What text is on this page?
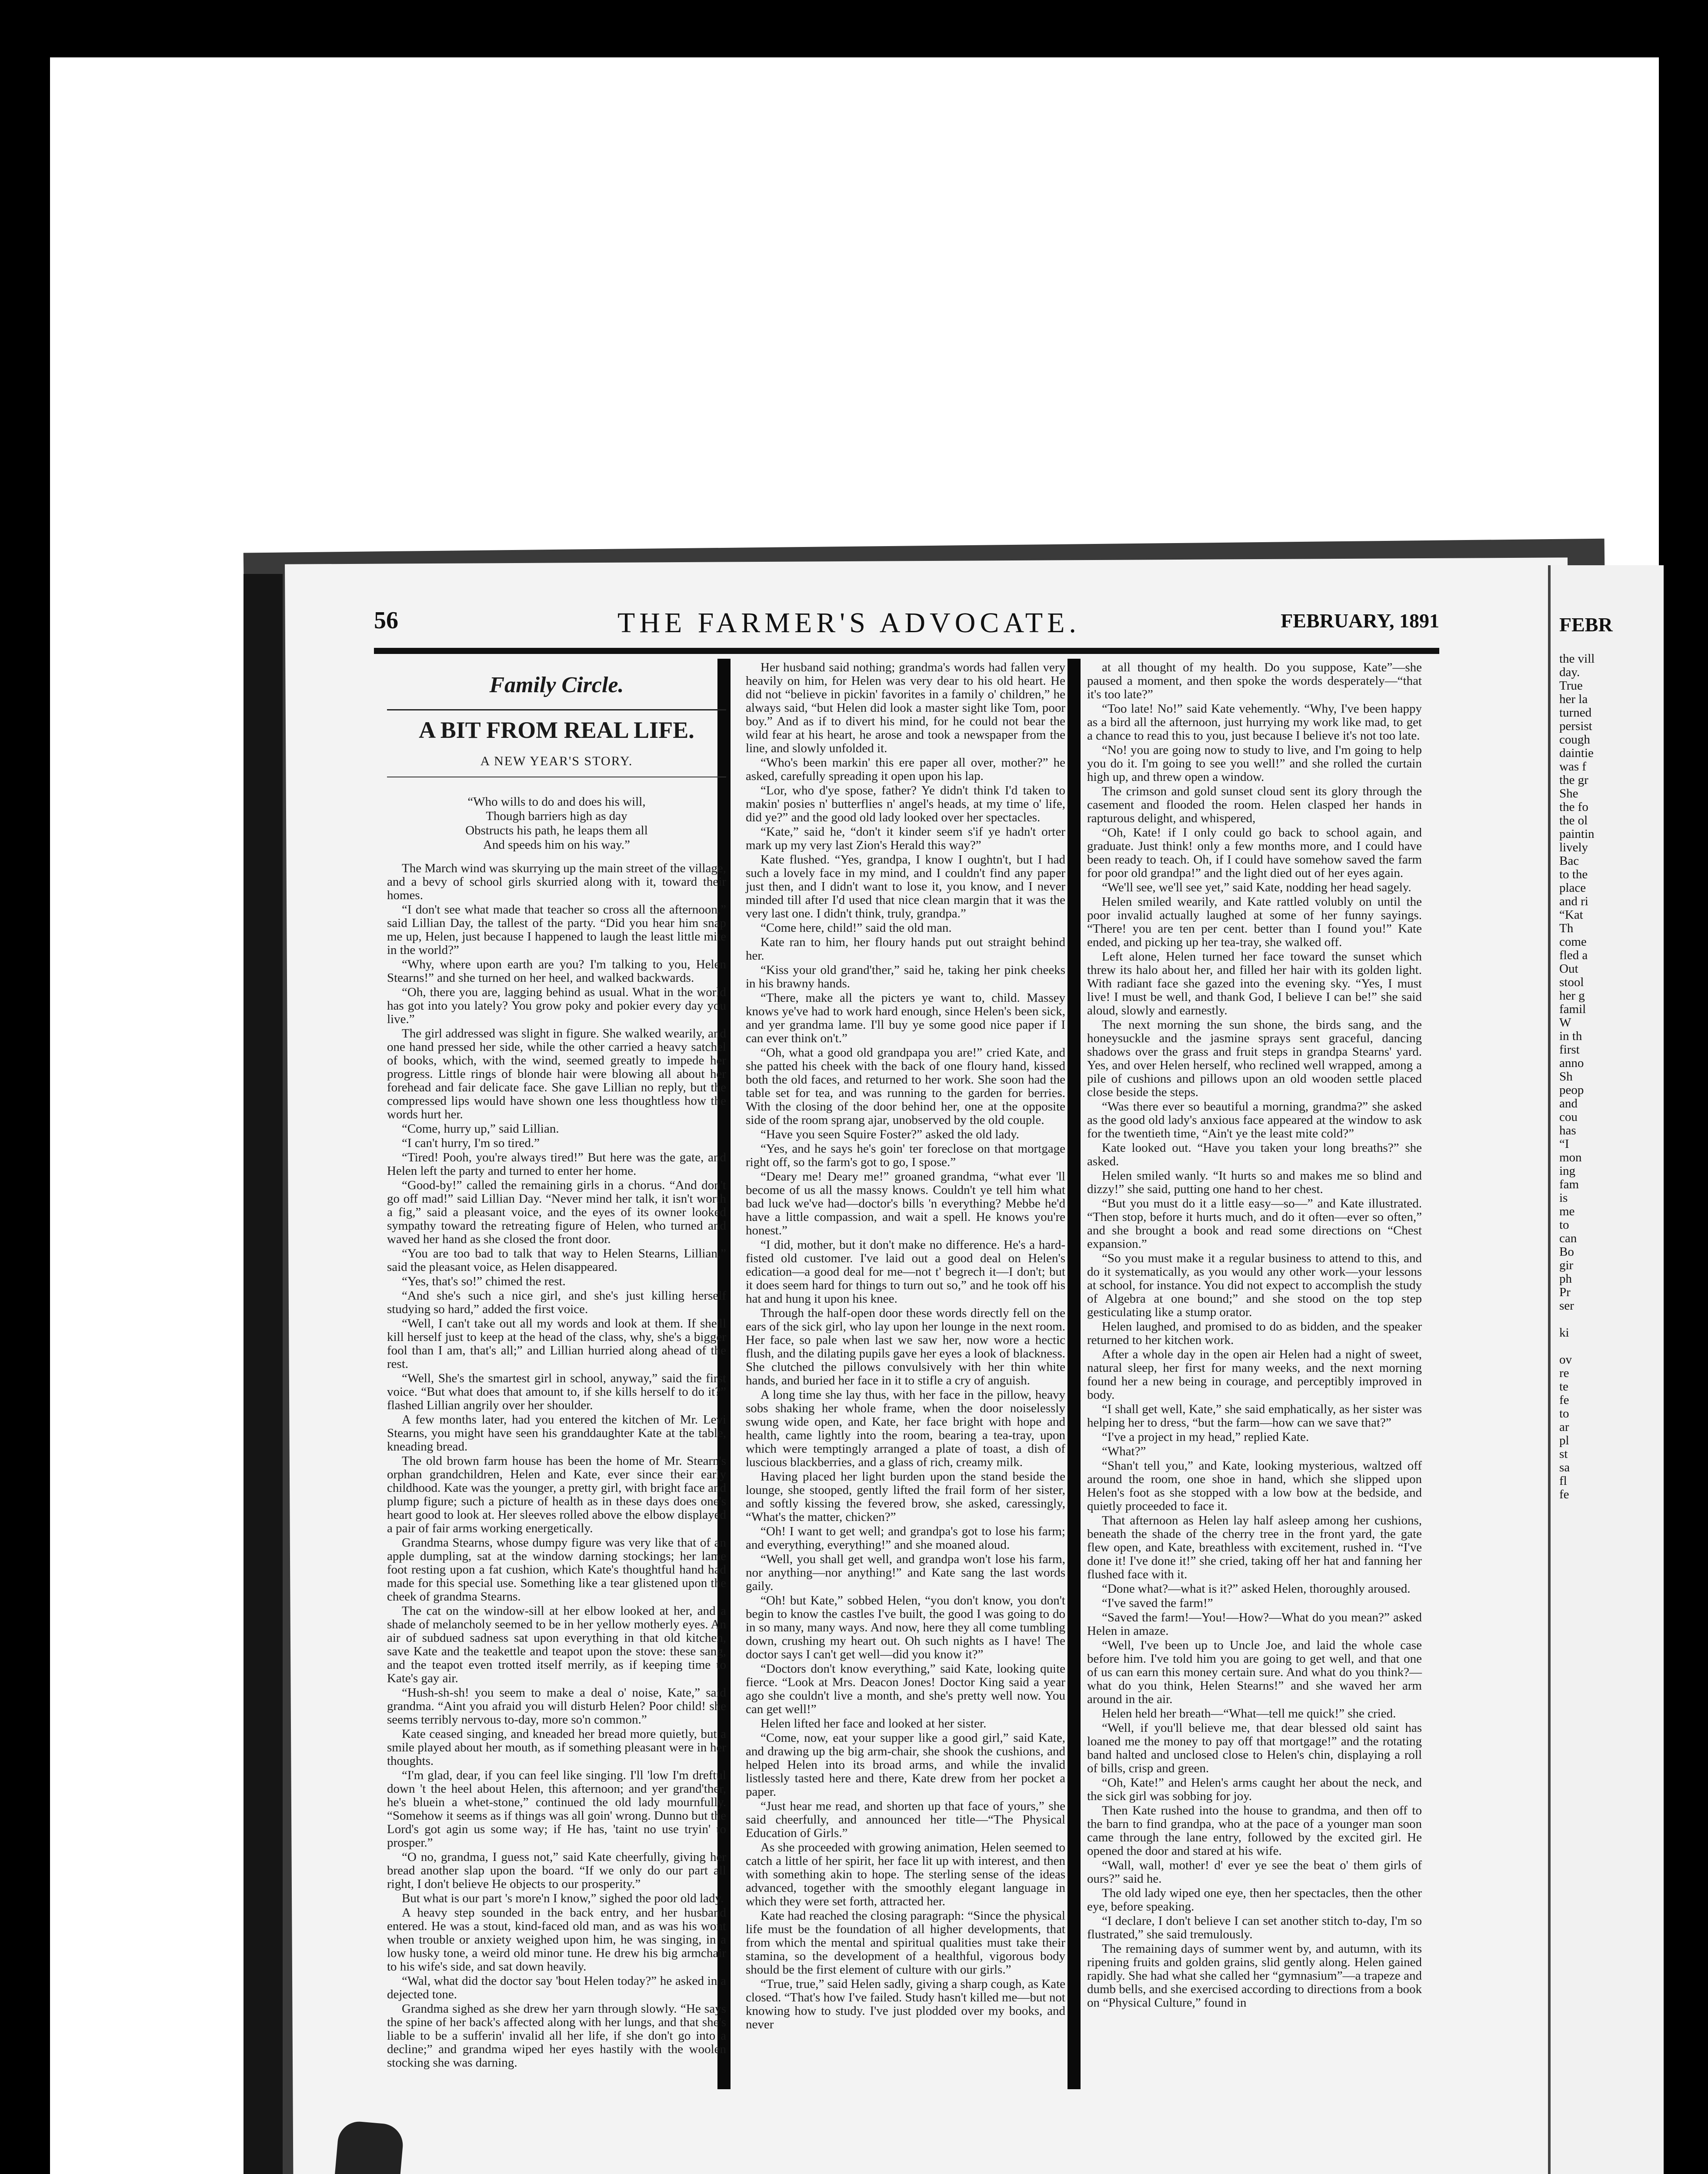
FEBR
the vill
day.
True
her la
turned
persist
cough
daintie
was f
the gr
She
the fo
the ol
paintin
lively
Bac
to the
place
and ri
“Kat
Th
come
fled a
Out
stool
her g
famil
W
in th
first
anno
Sh
peop
and
cou
has
“I
mon
ing
fam
is
me
to
can
Bo
gir
ph
Pr
ser

ki

ov
re
te
fe
to
ar
pl
st
sa
fl
fe
56	THE FARMER'S ADVOCATE.	FEBRUARY, 1891
Family Circle.
A BIT FROM REAL LIFE.
A NEW YEAR'S STORY.
“Who wills to do and does his will,
Though barriers high as day
Obstructs his path, he leaps them all
And speeds him on his way.”

The March wind was skurrying up the main street of the village, and a bevy of school girls skurried along with it, toward their homes.

“I don't see what made that teacher so cross all the afternoon,” said Lillian Day, the tallest of the party. “Did you hear him snap me up, Helen, just because I happened to laugh the least little mite in the world?”

“Why, where upon earth are you? I'm talking to you, Helen Stearns!” and she turned on her heel, and walked backwards.

“Oh, there you are, lagging behind as usual. What in the world has got into you lately? You grow poky and pokier every day you live.”

The girl addressed was slight in figure. She walked wearily, and one hand pressed her side, while the other carried a heavy satchel of books, which, with the wind, seemed greatly to impede her progress. Little rings of blonde hair were blowing all about her forehead and fair delicate face. She gave Lillian no reply, but the compressed lips would have shown one less thoughtless how the words hurt her.

“Come, hurry up,” said Lillian.

“I can't hurry, I'm so tired.”

“Tired! Pooh, you're always tired!” But here was the gate, and Helen left the party and turned to enter her home.

“Good-by!” called the remaining girls in a chorus. “And don't go off mad!” said Lillian Day. “Never mind her talk, it isn't worth a fig,” said a pleasant voice, and the eyes of its owner looked sympathy toward the retreating figure of Helen, who turned and waved her hand as she closed the front door.

“You are too bad to talk that way to Helen Stearns, Lillian,” said the pleasant voice, as Helen disappeared.

“Yes, that's so!” chimed the rest.

“And she's such a nice girl, and she's just killing herself studying so hard,” added the first voice.

“Well, I can't take out all my words and look at them. If she'll kill herself just to keep at the head of the class, why, she's a bigger fool than I am, that's all;” and Lillian hurried along ahead of the rest.

“Well, She's the smartest girl in school, anyway,” said the first voice. “But what does that amount to, if she kills herself to do it?” flashed Lillian angrily over her shoulder.

A few months later, had you entered the kitchen of Mr. Levi Stearns, you might have seen his granddaughter Kate at the table, kneading bread.

The old brown farm house has been the home of Mr. Stearn's orphan grandchildren, Helen and Kate, ever since their early childhood. Kate was the younger, a pretty girl, with bright face and plump figure; such a picture of health as in these days does one's heart good to look at. Her sleeves rolled above the elbow displayed a pair of fair arms working energetically.

Grandma Stearns, whose dumpy figure was very like that of an apple dumpling, sat at the window darning stockings; her lame foot resting upon a fat cushion, which Kate's thoughtful hand had made for this special use. Something like a tear glistened upon the cheek of grandma Stearns.

The cat on the window-sill at her elbow looked at her, and a shade of melancholy seemed to be in her yellow motherly eyes. An air of subdued sadness sat upon everything in that old kitchen, save Kate and the teakettle and teapot upon the stove: these sang, and the teapot even trotted itself merrily, as if keeping time to Kate's gay air.

“Hush-sh-sh! you seem to make a deal o' noise, Kate,” said grandma. “Aint you afraid you will disturb Helen? Poor child! she seems terribly nervous to-day, more so'n common.”

Kate ceased singing, and kneaded her bread more quietly, but a smile played about her mouth, as if something pleasant were in her thoughts.

“I'm glad, dear, if you can feel like singing. I'll 'low I'm dreftul down 't the heel about Helen, this afternoon; and yer grand'ther, he's bluein a whet-stone,” continued the old lady mournfully. “Somehow it seems as if things was all goin' wrong. Dunno but the Lord's got agin us some way; if He has, 'taint no use tryin' to prosper.”

“O no, grandma, I guess not,” said Kate cheerfully, giving her bread another slap upon the board. “If we only do our part all right, I don't believe He objects to our prosperity.”

But what is our part 's more'n I know,” sighed the poor old lady.

A heavy step sounded in the back entry, and her husband entered. He was a stout, kind-faced old man, and as was his wont when trouble or anxiety weighed upon him, he was singing, in a low husky tone, a weird old minor tune. He drew his big armchair to his wife's side, and sat down heavily.

“Wal, what did the doctor say 'bout Helen today?” he asked in a dejected tone.

Grandma sighed as she drew her yarn through slowly. “He says the spine of her back's affected along with her lungs, and that she's liable to be a sufferin' invalid all her life, if she don't go into a decline;” and grandma wiped her eyes hastily with the woolen stocking she was darning.

Her husband said nothing; grandma's words had fallen very heavily on him, for Helen was very dear to his old heart. He did not “believe in pickin' favorites in a family o' children,” he always said, “but Helen did look a master sight like Tom, poor boy.” And as if to divert his mind, for he could not bear the wild fear at his heart, he arose and took a newspaper from the line, and slowly unfolded it.

“Who's been markin' this ere paper all over, mother?” he asked, carefully spreading it open upon his lap.

“Lor, who d'ye spose, father? Ye didn't think I'd taken to makin' posies n' butterflies n' angel's heads, at my time o' life, did ye?” and the good old lady looked over her spectacles.

“Kate,” said he, “don't it kinder seem s'if ye hadn't orter mark up my very last Zion's Herald this way?”

Kate flushed. “Yes, grandpa, I know I oughtn't, but I had such a lovely face in my mind, and I couldn't find any paper just then, and I didn't want to lose it, you know, and I never minded till after I'd used that nice clean margin that it was the very last one. I didn't think, truly, grandpa.”

“Come here, child!” said the old man.

Kate ran to him, her floury hands put out straight behind her.

“Kiss your old grand'ther,” said he, taking her pink cheeks in his brawny hands.

“There, make all the picters ye want to, child. Massey knows ye've had to work hard enough, since Helen's been sick, and yer grandma lame. I'll buy ye some good nice paper if I can ever think on't.”

“Oh, what a good old grandpapa you are!” cried Kate, and she patted his cheek with the back of one floury hand, kissed both the old faces, and returned to her work. She soon had the table set for tea, and was running to the garden for berries. With the closing of the door behind her, one at the opposite side of the room sprang ajar, unobserved by the old couple.

“Have you seen Squire Foster?” asked the old lady.

“Yes, and he says he's goin' ter foreclose on that mortgage right off, so the farm's got to go, I spose.”

“Deary me! Deary me!” groaned grandma, “what ever 'll become of us all the massy knows. Couldn't ye tell him what bad luck we've had—doctor's bills 'n everything? Mebbe he'd have a little compassion, and wait a spell. He knows you're honest.”

“I did, mother, but it don't make no difference. He's a hard-fisted old customer. I've laid out a good deal on Helen's edication—a good deal for me—not t' begrech it—I don't; but it does seem hard for things to turn out so,” and he took off his hat and hung it upon his knee.

Through the half-open door these words directly fell on the ears of the sick girl, who lay upon her lounge in the next room. Her face, so pale when last we saw her, now wore a hectic flush, and the dilating pupils gave her eyes a look of blackness. She clutched the pillows convulsively with her thin white hands, and buried her face in it to stifle a cry of anguish.

A long time she lay thus, with her face in the pillow, heavy sobs shaking her whole frame, when the door noiselessly swung wide open, and Kate, her face bright with hope and health, came lightly into the room, bearing a tea-tray, upon which were temptingly arranged a plate of toast, a dish of luscious blackberries, and a glass of rich, creamy milk.

Having placed her light burden upon the stand beside the lounge, she stooped, gently lifted the frail form of her sister, and softly kissing the fevered brow, she asked, caressingly, “What's the matter, chicken?”

“Oh! I want to get well; and grandpa's got to lose his farm; and everything, everything!” and she moaned aloud.

“Well, you shall get well, and grandpa won't lose his farm, nor anything—nor anything!” and Kate sang the last words gaily.

“Oh! but Kate,” sobbed Helen, “you don't know, you don't begin to know the castles I've built, the good I was going to do in so many, many ways. And now, here they all come tumbling down, crushing my heart out. Oh such nights as I have! The doctor says I can't get well—did you know it?”

“Doctors don't know everything,” said Kate, looking quite fierce. “Look at Mrs. Deacon Jones! Doctor King said a year ago she couldn't live a month, and she's pretty well now. You can get well!”

Helen lifted her face and looked at her sister.

“Come, now, eat your supper like a good girl,” said Kate, and drawing up the big arm-chair, she shook the cushions, and helped Helen into its broad arms, and while the invalid listlessly tasted here and there, Kate drew from her pocket a paper.

“Just hear me read, and shorten up that face of yours,” she said cheerfully, and announced her title—“The Physical Education of Girls.”

As she proceeded with growing animation, Helen seemed to catch a little of her spirit, her face lit up with interest, and then with something akin to hope. The sterling sense of the ideas advanced, together with the smoothly elegant language in which they were set forth, attracted her.

Kate had reached the closing paragraph: “Since the physical life must be the foundation of all higher developments, that from which the mental and spiritual qualities must take their stamina, so the development of a healthful, vigorous body should be the first element of culture with our girls.”

“True, true,” said Helen sadly, giving a sharp cough, as Kate closed. “That's how I've failed. Study hasn't killed me—but not knowing how to study. I've just plodded over my books, and never

at all thought of my health. Do you suppose, Kate”—she paused a moment, and then spoke the words desperately—“that it's too late?”

“Too late! No!” said Kate vehemently. “Why, I've been happy as a bird all the afternoon, just hurrying my work like mad, to get a chance to read this to you, just because I believe it's not too late.

“No! you are going now to study to live, and I'm going to help you do it. I'm going to see you well!” and she rolled the curtain high up, and threw open a window.

The crimson and gold sunset cloud sent its glory through the casement and flooded the room. Helen clasped her hands in rapturous delight, and whispered,

“Oh, Kate! if I only could go back to school again, and graduate. Just think! only a few months more, and I could have been ready to teach. Oh, if I could have somehow saved the farm for poor old grandpa!” and the light died out of her eyes again.

“We'll see, we'll see yet,” said Kate, nodding her head sagely.

Helen smiled wearily, and Kate rattled volubly on until the poor invalid actually laughed at some of her funny sayings. “There! you are ten per cent. better than I found you!” Kate ended, and picking up her tea-tray, she walked off.

Left alone, Helen turned her face toward the sunset which threw its halo about her, and filled her hair with its golden light. With radiant face she gazed into the evening sky. “Yes, I must live! I must be well, and thank God, I believe I can be!” she said aloud, slowly and earnestly.

The next morning the sun shone, the birds sang, and the honeysuckle and the jasmine sprays sent graceful, dancing shadows over the grass and fruit steps in grandpa Stearns' yard. Yes, and over Helen herself, who reclined well wrapped, among a pile of cushions and pillows upon an old wooden settle placed close beside the steps.

“Was there ever so beautiful a morning, grandma?” she asked as the good old lady's anxious face appeared at the window to ask for the twentieth time, “Ain't ye the least mite cold?”

Kate looked out. “Have you taken your long breaths?” she asked.

Helen smiled wanly. “It hurts so and makes me so blind and dizzy!” she said, putting one hand to her chest.

“But you must do it a little easy—so—” and Kate illustrated. “Then stop, before it hurts much, and do it often—ever so often,” and she brought a book and read some directions on “Chest expansion.”

“So you must make it a regular business to attend to this, and do it systematically, as you would any other work—your lessons at school, for instance. You did not expect to accomplish the study of Algebra at one bound;” and she stood on the top step gesticulating like a stump orator.

Helen laughed, and promised to do as bidden, and the speaker returned to her kitchen work.

After a whole day in the open air Helen had a night of sweet, natural sleep, her first for many weeks, and the next morning found her a new being in courage, and perceptibly improved in body.

“I shall get well, Kate,” she said emphatically, as her sister was helping her to dress, “but the farm—how can we save that?”

“I've a project in my head,” replied Kate.

“What?”

“Shan't tell you,” and Kate, looking mysterious, waltzed off around the room, one shoe in hand, which she slipped upon Helen's foot as she stopped with a low bow at the bedside, and quietly proceeded to face it.

That afternoon as Helen lay half asleep among her cushions, beneath the shade of the cherry tree in the front yard, the gate flew open, and Kate, breathless with excitement, rushed in. “I've done it! I've done it!” she cried, taking off her hat and fanning her flushed face with it.

“Done what?—what is it?” asked Helen, thoroughly aroused.

“I've saved the farm!”

“Saved the farm!—You!—How?—What do you mean?” asked Helen in amaze.

“Well, I've been up to Uncle Joe, and laid the whole case before him. I've told him you are going to get well, and that one of us can earn this money certain sure. And what do you think?—what do you think, Helen Stearns!” and she waved her arm around in the air.

Helen held her breath—“What—tell me quick!” she cried.

“Well, if you'll believe me, that dear blessed old saint has loaned me the money to pay off that mortgage!” and the rotating band halted and unclosed close to Helen's chin, displaying a roll of bills, crisp and green.

“Oh, Kate!” and Helen's arms caught her about the neck, and the sick girl was sobbing for joy.

Then Kate rushed into the house to grandma, and then off to the barn to find grandpa, who at the pace of a younger man soon came through the lane entry, followed by the excited girl. He opened the door and stared at his wife.

“Wall, wall, mother! d' ever ye see the beat o' them girls of ours?” said he.

The old lady wiped one eye, then her spectacles, then the other eye, before speaking.

“I declare, I don't believe I can set another stitch to-day, I'm so flustrated,” she said tremulously.

The remaining days of summer went by, and autumn, with its ripening fruits and golden grains, slid gently along. Helen gained rapidly. She had what she called her “gymnasium”—a trapeze and dumb bells, and she exercised according to directions from a book on “Physical Culture,” found in
